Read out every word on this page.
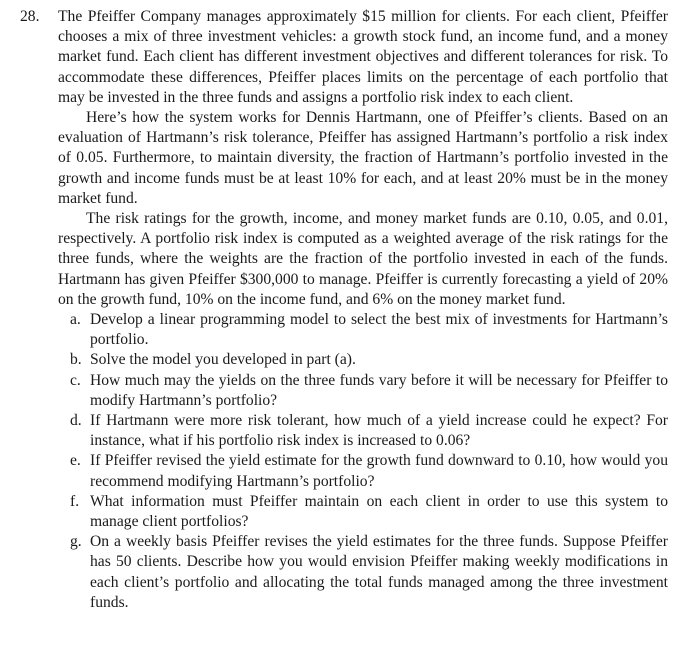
28. The Pfeiffer Company manages approximately $15 million for clients. For each client, Pfeiffer chooses a mix of three investment vehicles: a growth stock fund, an income fund, and a money market fund. Each client has different investment objectives and different tolerances for risk. To accommodate these differences, Pfeiffer places limits on the percentage of each portfolio that may be invested in the three funds and assigns a portfolio risk index to each client.

Here’s how the system works for Dennis Hartmann, one of Pfeiffer’s clients. Based on an evaluation of Hartmann’s risk tolerance, Pfeiffer has assigned Hartmann’s portfolio a risk index of 0.05. Furthermore, to maintain diversity, the fraction of Hartmann’s portfolio invested in the growth and income funds must be at least 10% for each, and at least 20% must be in the money market fund.

The risk ratings for the growth, income, and money market funds are 0.10, 0.05, and 0.01, respectively. A portfolio risk index is computed as a weighted average of the risk ratings for the three funds, where the weights are the fraction of the portfolio invested in each of the funds. Hartmann has given Pfeiffer $300,000 to manage. Pfeiffer is currently forecasting a yield of 20% on the growth fund, 10% on the income fund, and 6% on the money market fund.

a. Develop a linear programming model to select the best mix of investments for Hartmann’s portfolio.
b. Solve the model you developed in part (a).
c. How much may the yields on the three funds vary before it will be necessary for Pfeiffer to modify Hartmann’s portfolio?
d. If Hartmann were more risk tolerant, how much of a yield increase could he expect? For instance, what if his portfolio risk index is increased to 0.06?
e. If Pfeiffer revised the yield estimate for the growth fund downward to 0.10, how would you recommend modifying Hartmann’s portfolio?
f. What information must Pfeiffer maintain on each client in order to use this system to manage client portfolios?
g. On a weekly basis Pfeiffer revises the yield estimates for the three funds. Suppose Pfeiffer has 50 clients. Describe how you would envision Pfeiffer making weekly modifications in each client’s portfolio and allocating the total funds managed among the three investment funds.
